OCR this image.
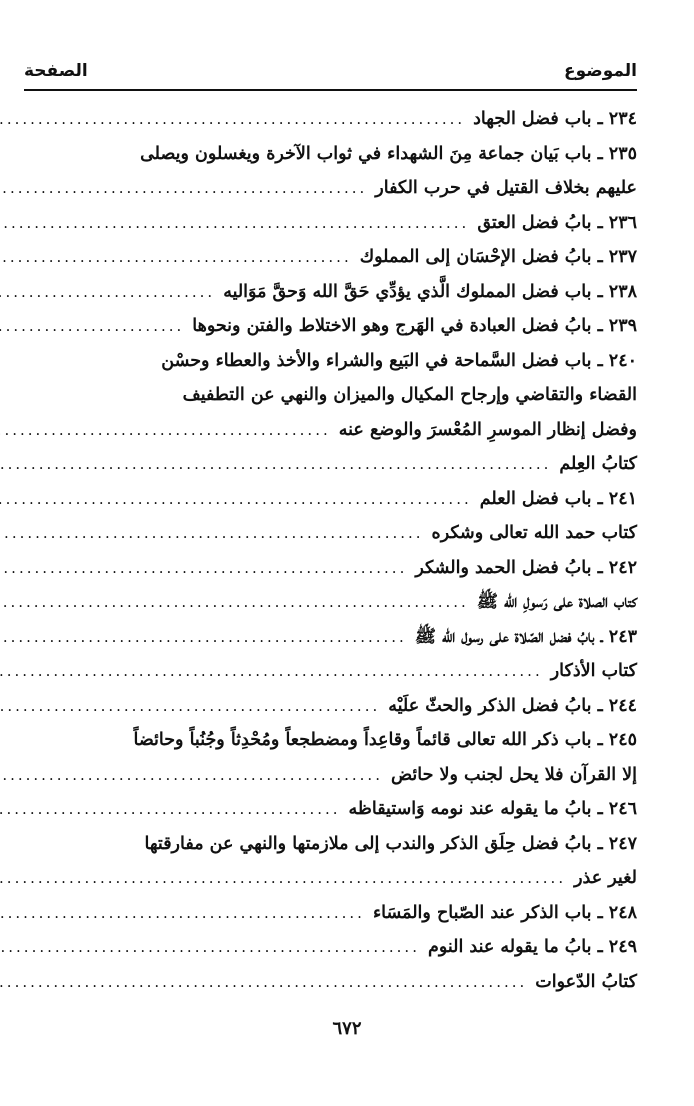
الموضوع
الصفحة
٢٣٤ ـ باب فضل الجهاد
.....
٢٣٥ ـ باب بَيان جماعة مِنَ الشهداء في ثواب الآخرة ويغسلون ويصلى
عليهم بخلاف القتيل في حرب الكفار
.....
٢٣٦ ـ بابُ فضل العتق
.....
٢٣٧ ـ بابُ فضل الإحْسَان إلى المملوك
.....
٢٣٨ ـ باب فضل المملوك الَّذي يؤدِّي حَقَّ الله وَحقَّ مَوَاليه
.....
٢٣٩ ـ بابُ فضل العبادة في الهَرج وهو الاختلاط والفتن ونحوها
.....
٢٤٠ ـ باب فضل السَّماحة في البَيع والشراء والأخذ والعطاء وحسْن
القضاء والتقاضي وإرجاح المكيال والميزان والنهي عن التطفيف
وفضل إنظار الموسرِ المُعْسرَ والوضع عنه
.....
كتابُ العِلم
.....
٢٤١ ـ باب فضل العلم
.....
كتاب حمد الله تعالى وشكره
.....
٢٤٢ ـ بابُ فضل الحمد والشكر
.....
كتاب الصلاة على رَسولِ الله ﷺ
.....
٢٤٣ ـ بابُ فضل الصّلاة على رسول الله ﷺ
.....
كتاب الأذكار
.....
٢٤٤ ـ بابُ فضل الذكر والحثّ علَيْه
.....
٢٤٥ ـ باب ذكر الله تعالى قائماً وقاعِداً ومضطجعاً ومُحْدِثاً وجُنُباً وحائضاً
إلا القرآن فلا يحل لجنب ولا حائض
.....
٢٤٦ ـ بابُ ما يقوله عند نومه وَاستيقاظه
.....
٢٤٧ ـ بابُ فضل حِلَق الذكر والندب إلى ملازمتها والنهي عن مفارقتها
لغير عذر
.....
٢٤٨ ـ باب الذكر عند الصّباح والمَسَاء
.....
٢٤٩ ـ بابُ ما يقوله عند النوم
.....
كتابُ الدّعوات
.....
٦٧٢
